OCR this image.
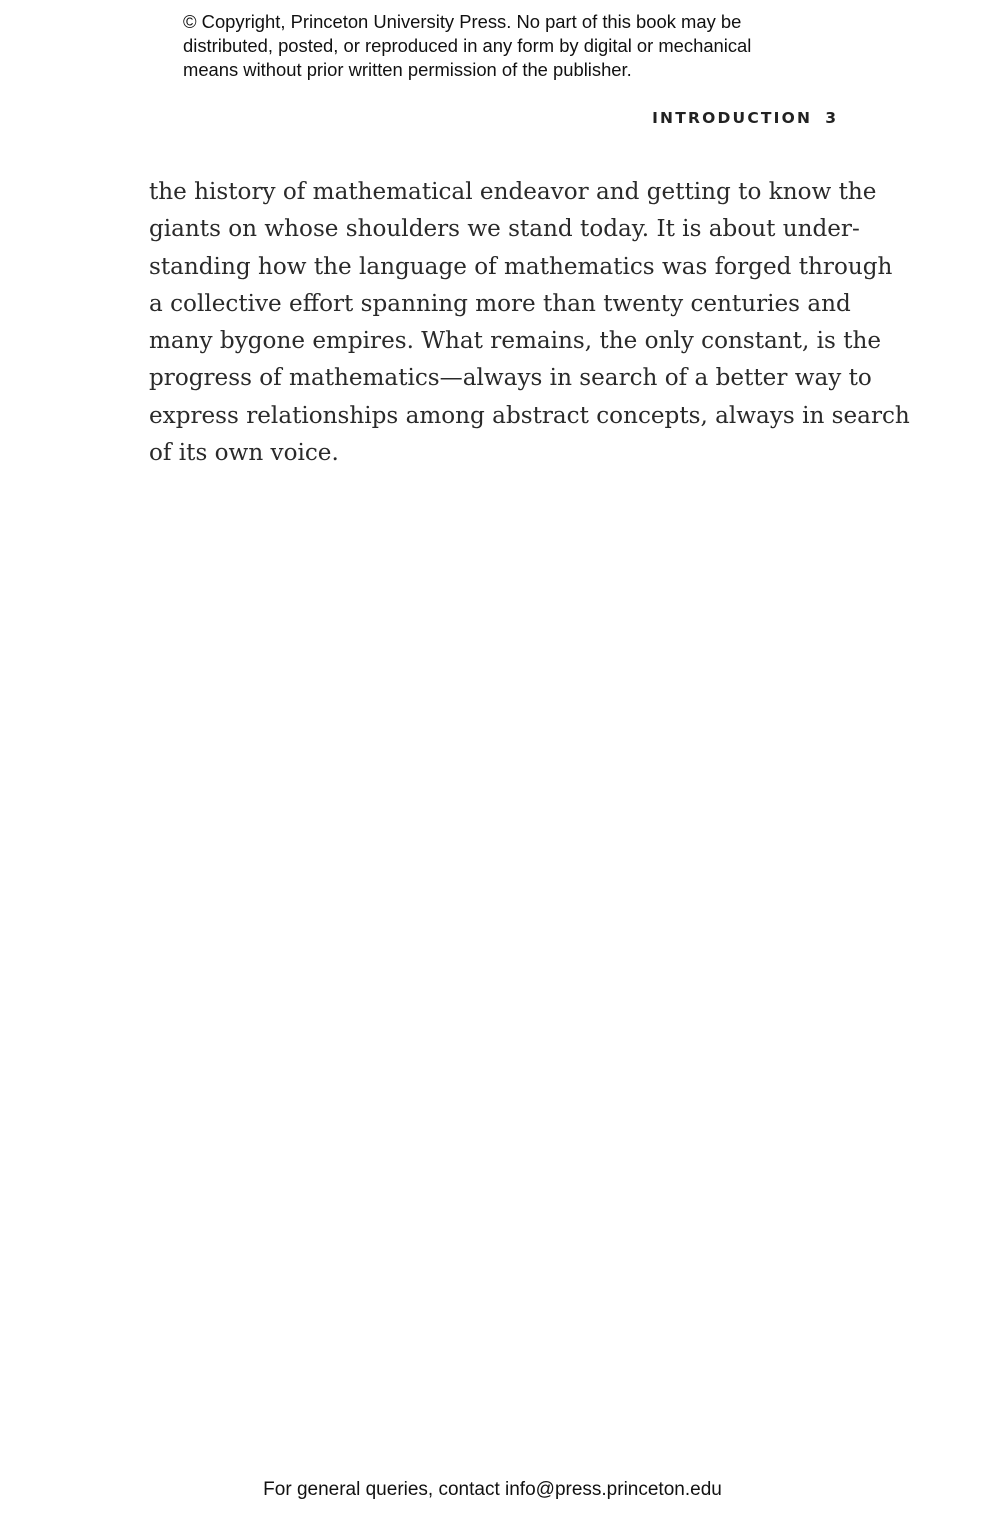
© Copyright, Princeton University Press. No part of this book may be
distributed, posted, or reproduced in any form by digital or mechanical
means without prior written permission of the publisher.
INTRODUCTION 3
the history of mathematical endeavor and getting to know the
giants on whose shoulders we stand today. It is about under-
standing how the language of mathematics was forged through
a collective effort spanning more than twenty centuries and
many bygone empires. What remains, the only constant, is the
progress of mathematics—always in search of a better way to
express relationships among abstract concepts, always in search
of its own voice.
For general queries, contact info@press.princeton.edu
